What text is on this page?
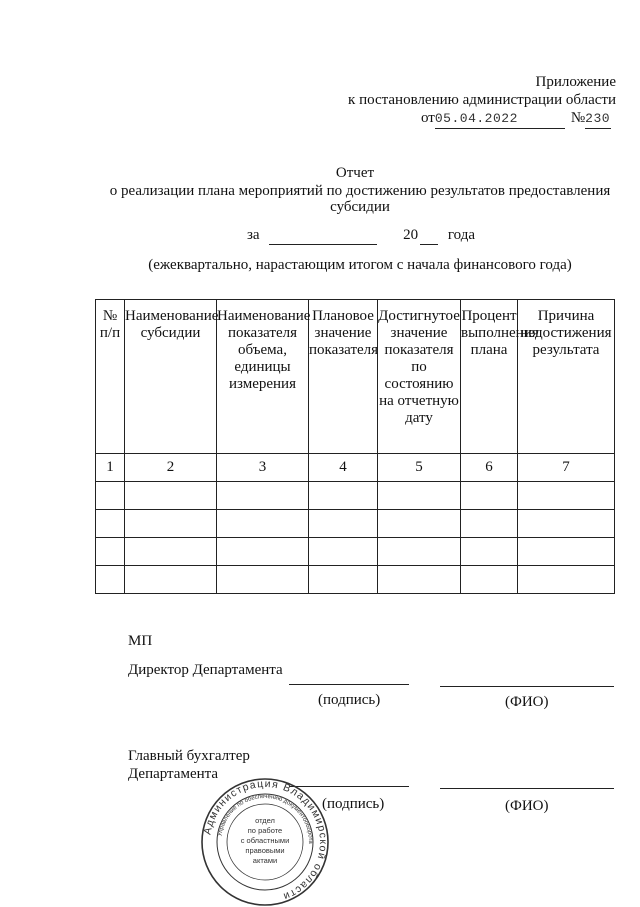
Приложение
к постановлению администрации области
от05.04.2022	№230
Отчет
о реализации плана мероприятий по достижению результатов предоставления
субсидии
за	20 года
(ежеквартально, нарастающим итогом с начала финансового года)
№ п/п	Наименование субсидии	Наименование показателя объема, единицы измерения	Плановое значение показателя	Достигнутое значение показателя по состоянию на отчетную дату	Процент выполнения плана	Причина недостижения результата
1	2	3	4	5	6	7

МП
Директор Департамента
(подпись)	(ФИО)
Главный бухгалтер
Департамента
(подпись)	(ФИО)
Администрация Владимирской области
Управление по обеспечению документооборота
отдел
по работе
с областными
правовыми
актами
